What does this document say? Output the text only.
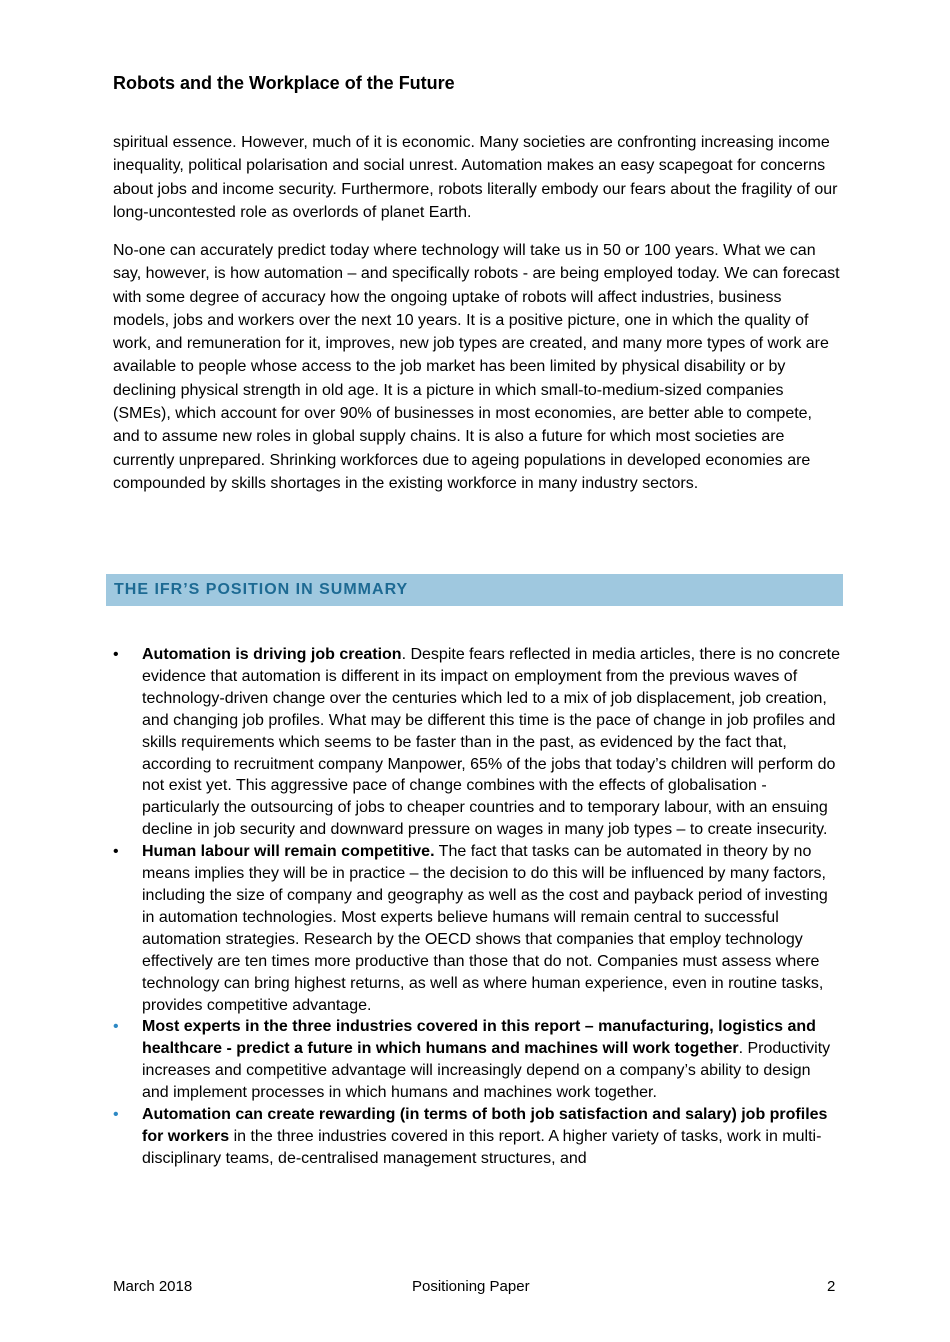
Robots and the Workplace of the Future

spiritual essence. However, much of it is economic. Many societies are confronting increasing income inequality, political polarisation and social unrest. Automation makes an easy scapegoat for concerns about jobs and income security. Furthermore, robots literally embody our fears about the fragility of our long-uncontested role as overlords of planet Earth.

No-one can accurately predict today where technology will take us in 50 or 100 years. What we can say, however, is how automation – and specifically robots - are being employed today. We can forecast with some degree of accuracy how the ongoing uptake of robots will affect industries, business models, jobs and workers over the next 10 years. It is a positive picture, one in which the quality of work, and remuneration for it, improves, new job types are created, and many more types of work are available to people whose access to the job market has been limited by physical disability or by declining physical strength in old age. It is a picture in which small-to-medium-sized companies (SMEs), which account for over 90% of businesses in most economies, are better able to compete, and to assume new roles in global supply chains. It is also a future for which most societies are currently unprepared. Shrinking workforces due to ageing populations in developed economies are compounded by skills shortages in the existing workforce in many industry sectors.

THE IFR’S POSITION IN SUMMARY
• Automation is driving job creation. Despite fears reflected in media articles, there is no concrete evidence that automation is different in its impact on employment from the previous waves of technology-driven change over the centuries which led to a mix of job displacement, job creation, and changing job profiles. What may be different this time is the pace of change in job profiles and skills requirements which seems to be faster than in the past, as evidenced by the fact that, according to recruitment company Manpower, 65% of the jobs that today’s children will perform do not exist yet. This aggressive pace of change combines with the effects of globalisation - particularly the outsourcing of jobs to cheaper countries and to temporary labour, with an ensuing decline in job security and downward pressure on wages in many job types – to create insecurity.
• Human labour will remain competitive. The fact that tasks can be automated in theory by no means implies they will be in practice – the decision to do this will be influenced by many factors, including the size of company and geography as well as the cost and payback period of investing in automation technologies. Most experts believe humans will remain central to successful automation strategies. Research by the OECD shows that companies that employ technology effectively are ten times more productive than those that do not. Companies must assess where technology can bring highest returns, as well as where human experience, even in routine tasks, provides competitive advantage.
• Most experts in the three industries covered in this report – manufacturing, logistics and healthcare - predict a future in which humans and machines will work together. Productivity increases and competitive advantage will increasingly depend on a company’s ability to design and implement processes in which humans and machines work together.
• Automation can create rewarding (in terms of both job satisfaction and salary) job profiles for workers in the three industries covered in this report. A higher variety of tasks, work in multi-disciplinary teams, de-centralised management structures, and
March 2018	Positioning Paper	2
